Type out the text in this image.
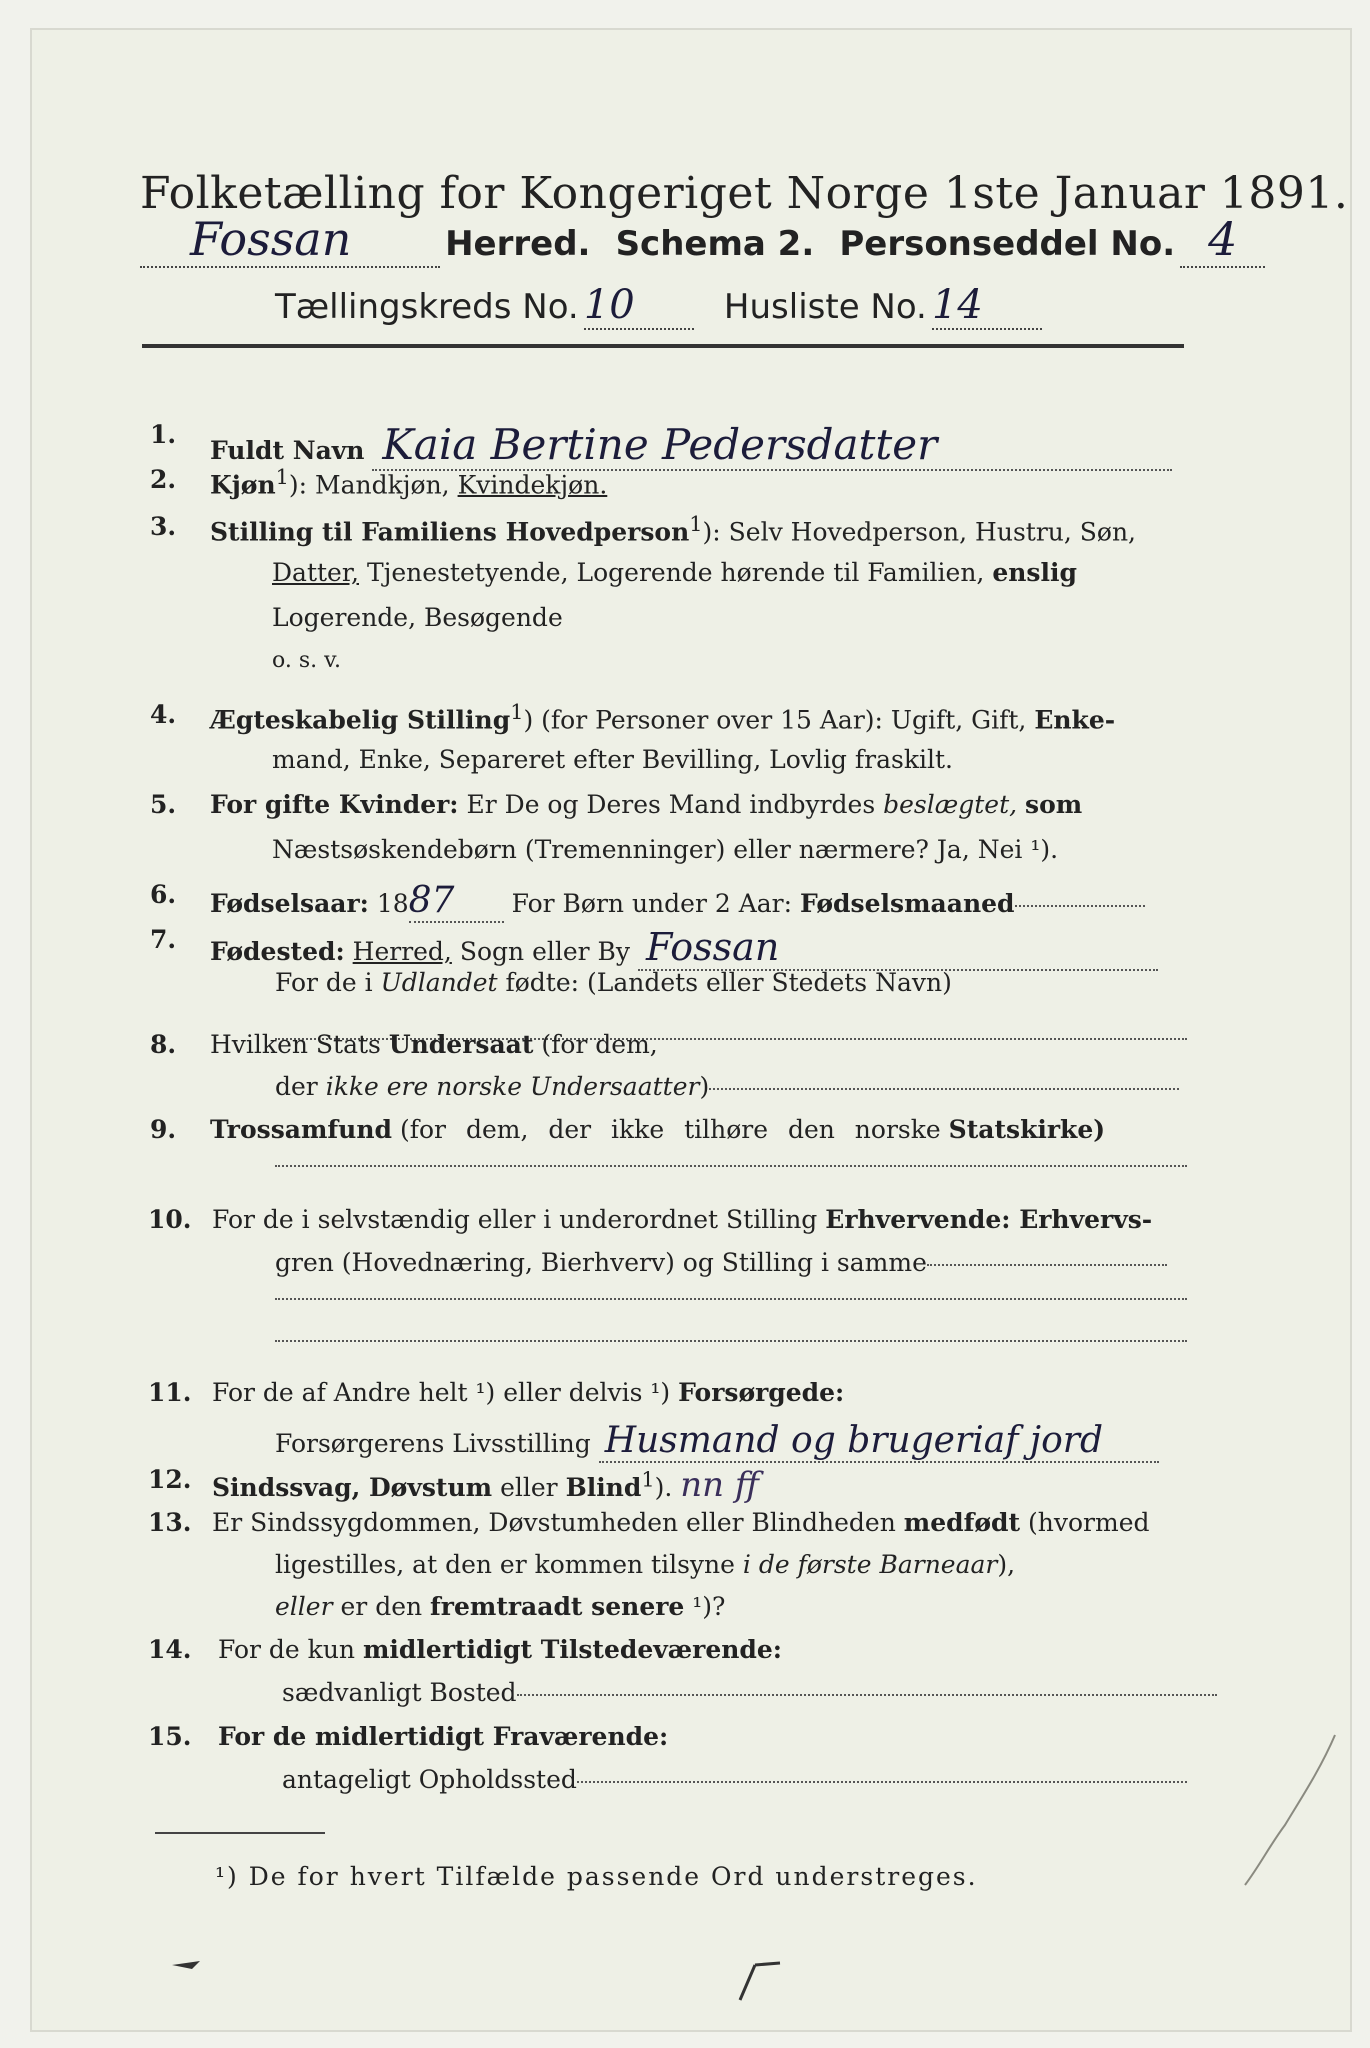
Folketælling for Kongeriget Norge 1ste Januar 1891.
Fossan	Herred. Schema 2. Personseddel No. 4
Tællingskreds No. 10	Husliste No. 14
1.
Fuldt Navn Kaia Bertine Pedersdatter
2. Kjøn$^1$): Mandkjøn, Kvindekjøn.
3. Stilling til Familiens Hovedperson$^1$): Selv Hovedperson, Hustru, Søn,
Datter, Tjenestetyende, Logerende hørende til Familien, enslig
Logerende, Besøgende
o. s. v.
4. Ægteskabelig Stilling$^1$) (for Personer over 15 Aar): Ugift, Gift, Enke-
mand, Enke, Separeret efter Bevilling, Lovlig fraskilt.
5. For gifte Kvinder: Er De og Deres Mand indbyrdes beslægtet, som
Næstsøskendebørn (Tremenninger) eller nærmere? Ja, Nei ¹).
6. Fødselsaar: 1887 For Børn under 2 Aar: Fødselsmaaned
7. Fødested: Herred, Sogn eller By Fossan
For de i Udlandet fødte: (Landets eller Stedets Navn)
8. Hvilken Stats Undersaat (for dem,
der ikke ere norske Undersaatter)
9. Trossamfund (for dem, der ikke tilhøre den norske Statskirke)
10. For de i selvstændig eller i underordnet Stilling Erhvervende: Erhvervs-
gren (Hovednæring, Bierhverv) og Stilling i samme
11. For de af Andre helt ¹) eller delvis ¹) Forsørgede:
Forsørgerens Livsstilling Husmand og brugeriaf jord
12. Sindssvag, Døvstum eller Blind$^1$). nn ff
13. Er Sindssygdommen, Døvstumheden eller Blindheden medfødt (hvormed
ligestilles, at den er kommen tilsyne i de første Barneaar),
eller er den fremtraadt senere ¹)?
14. For de kun midlertidigt Tilstedeværende:
sædvanligt Bosted
15. For de midlertidigt Fraværende:
antageligt Opholdssted
¹) De for hvert Tilfælde passende Ord understreges.
